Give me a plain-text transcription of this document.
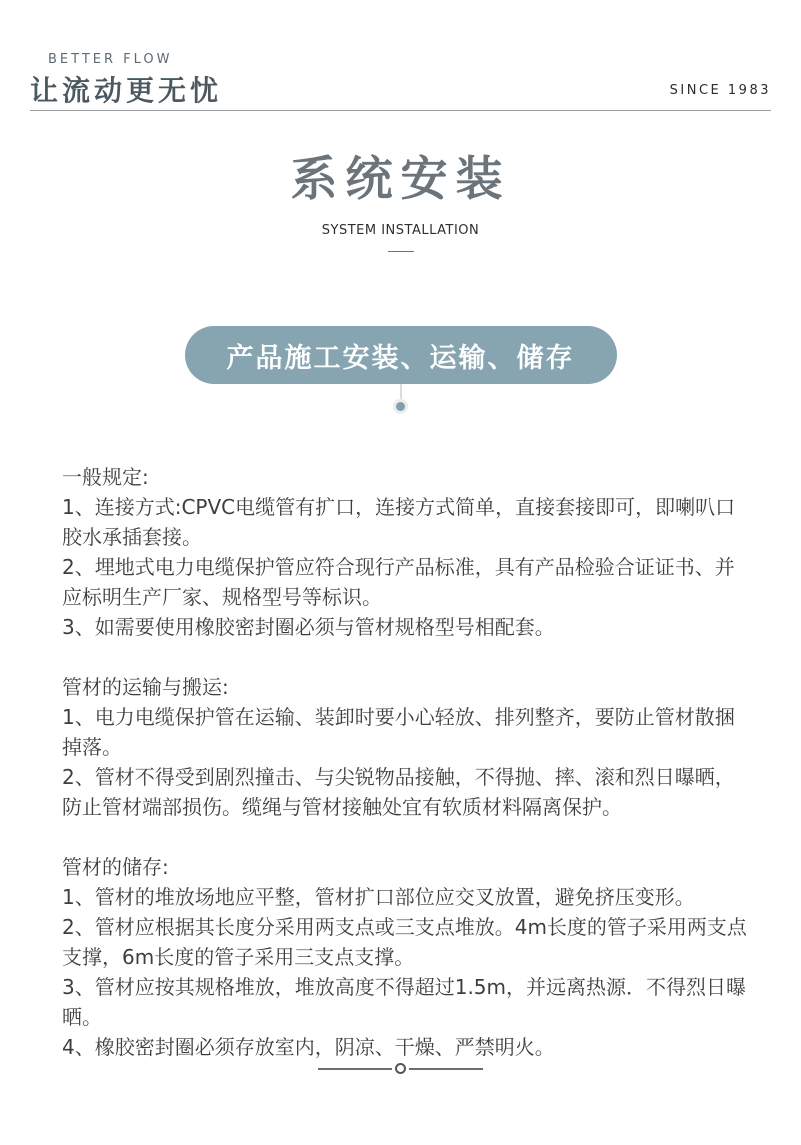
BETTER FLOW
让流动更无忧	SINCE 1983
系统安装
SYSTEM INSTALLATION
产品施工安装、运输、储存
一般规定:

1、连接方式:CPVC电缆管有扩口，连接方式简单，直接套接即可，即喇叭口胶水承插套接。

2、埋地式电力电缆保护管应符合现行产品标准，具有产品检验合证证书、并应标明生产厂家、规格型号等标识。

3、如需要使用橡胶密封圈必须与管材规格型号相配套。

管材的运输与搬运:

1、电力电缆保护管在运输、装卸时要小心轻放、排列整齐，要防止管材散捆掉落。

2、管材不得受到剧烈撞击、与尖锐物品接触，不得抛、摔、滚和烈日曝晒，防止管材端部损伤。缆绳与管材接触处宜有软质材料隔离保护。

管材的储存:

1、管材的堆放场地应平整，管材扩口部位应交叉放置，避免挤压变形。

2、管材应根据其长度分采用两支点或三支点堆放。4m长度的管子采用两支点支撑，6m长度的管子采用三支点支撑。

3、管材应按其规格堆放，堆放高度不得超过1.5m，并远离热源．不得烈日曝晒。

4、橡胶密封圈必须存放室内，阴凉、干燥、严禁明火。
